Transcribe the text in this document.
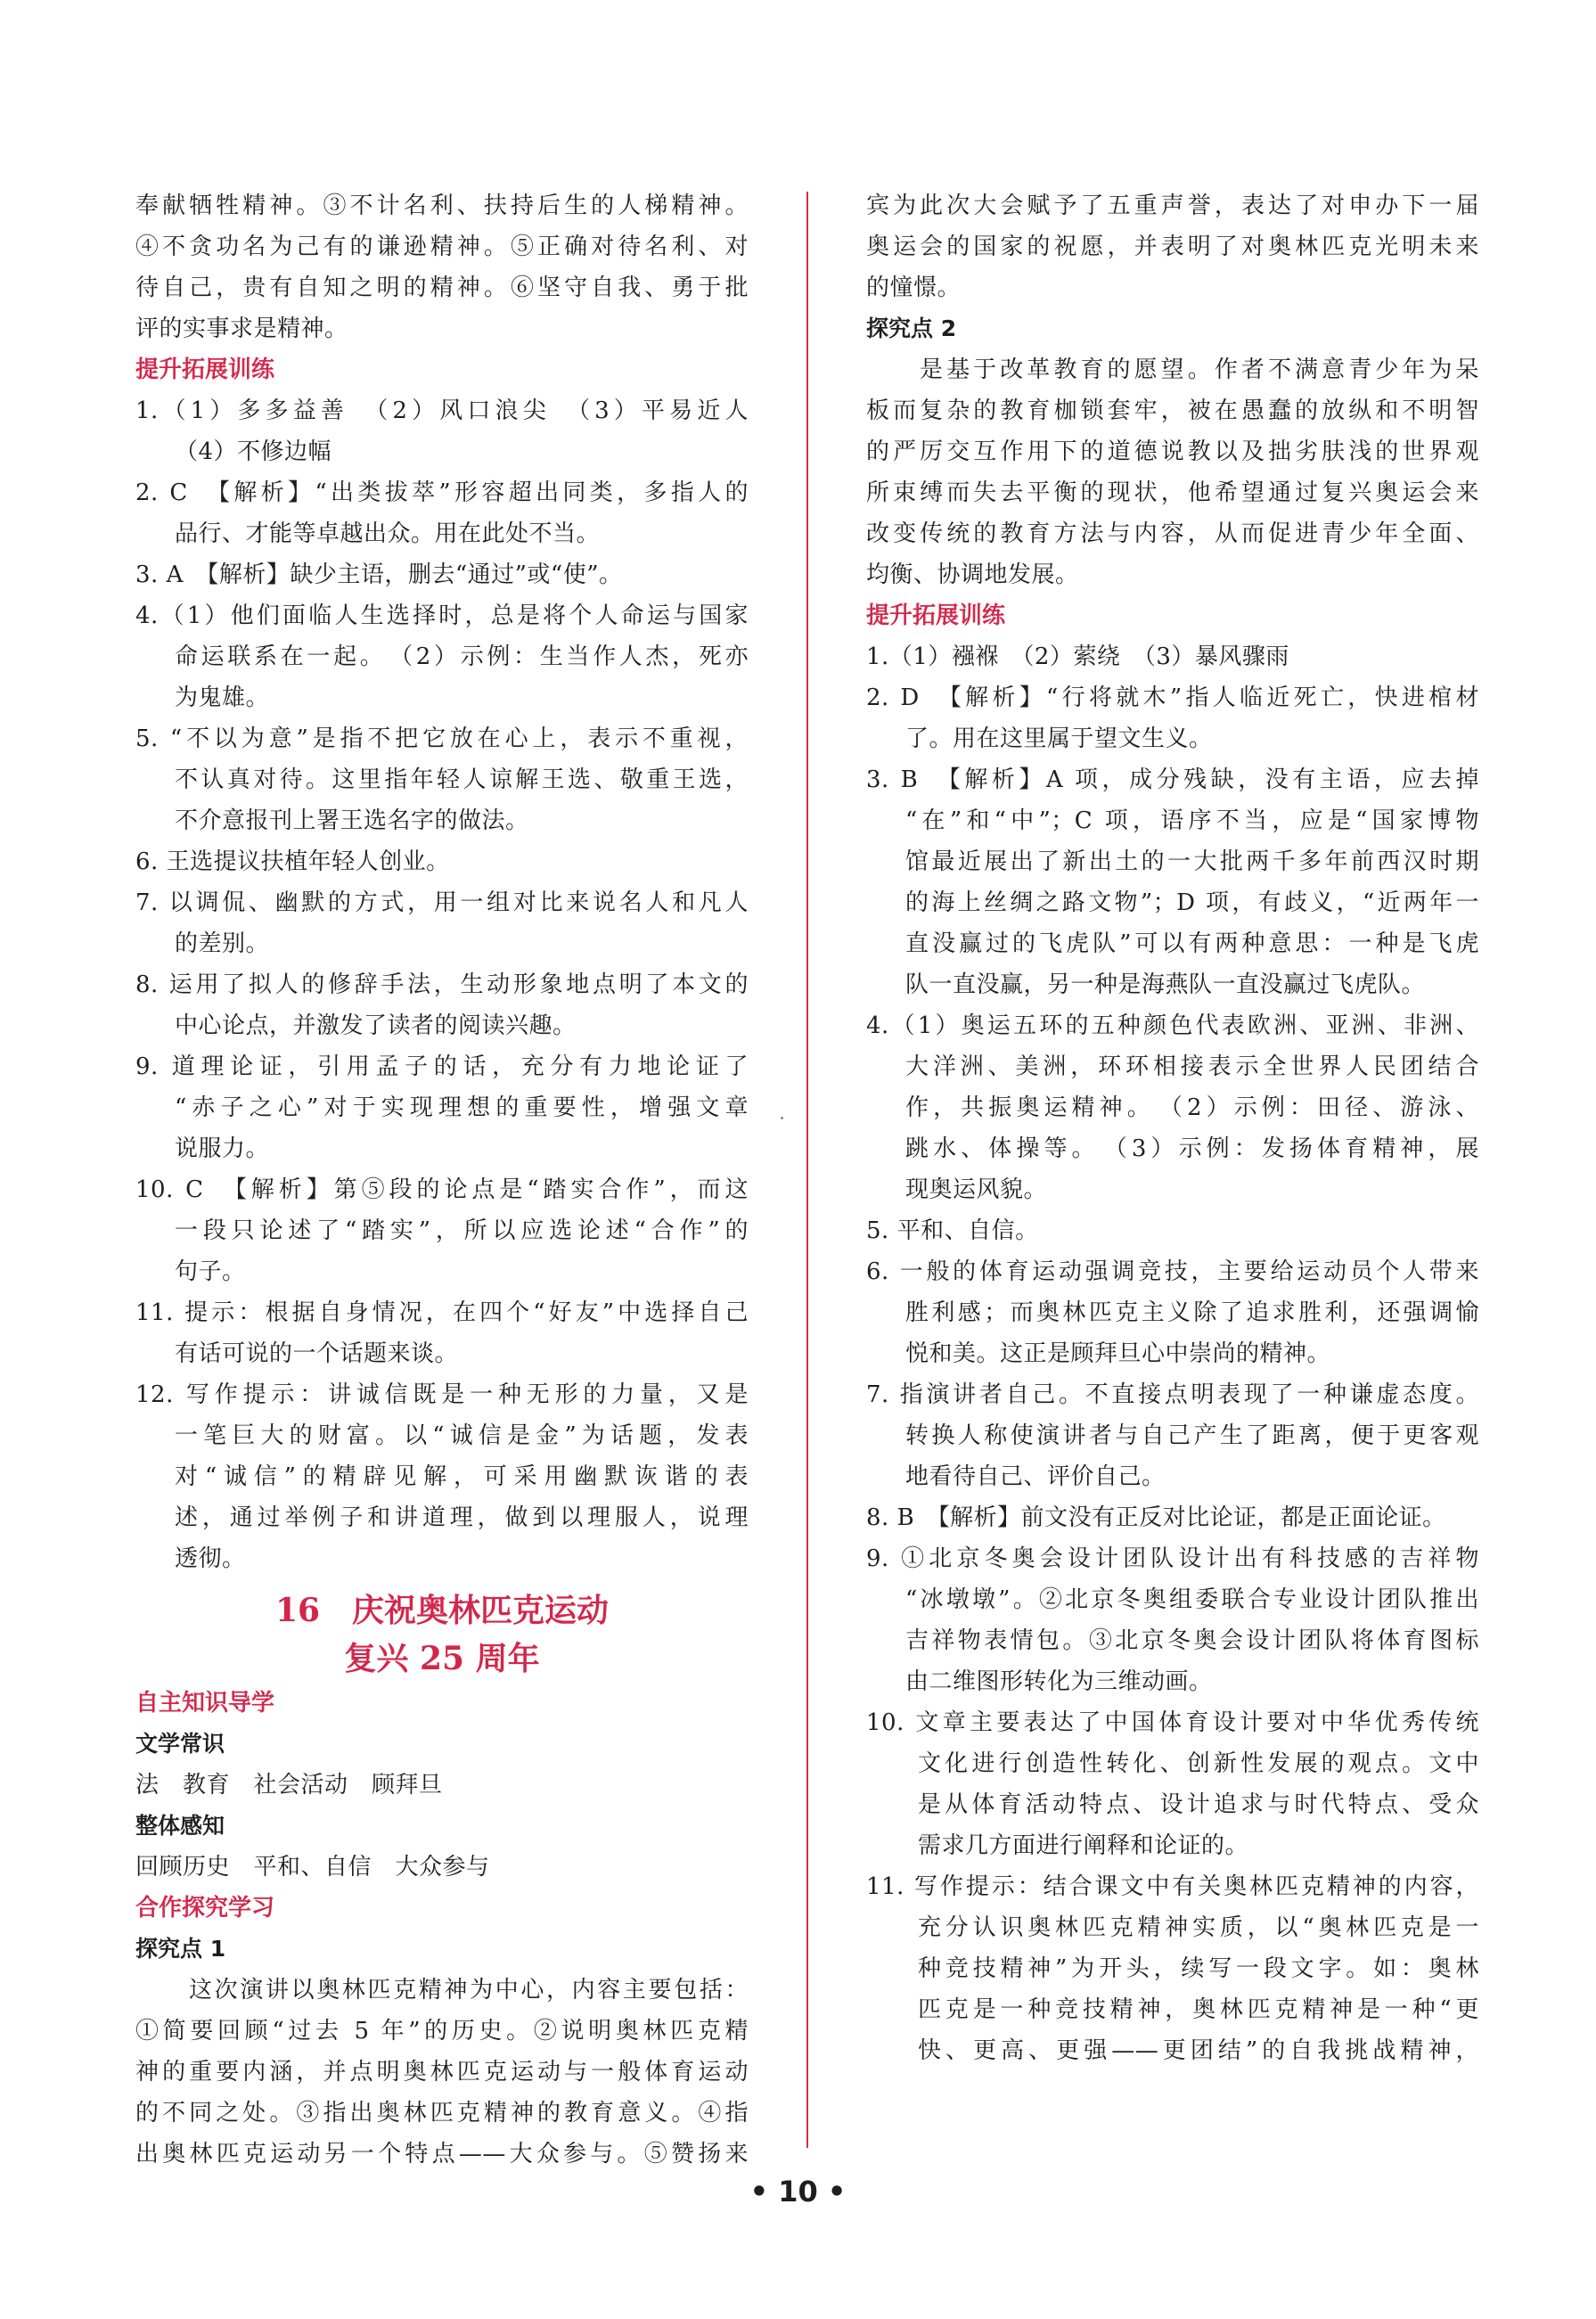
奉献牺牲精神。③不计名利、扶持后生的人梯精神。
④不贪功名为己有的谦逊精神。⑤正确对待名利、对
待自己，贵有自知之明的精神。⑥坚守自我、勇于批
评的实事求是精神。
提升拓展训练
1.（1）多多益善　（2）风口浪尖　（3）平易近人
（4）不修边幅
2. C　【解析】“出类拔萃”形容超出同类，多指人的
品行、才能等卓越出众。用在此处不当。
3. A　【解析】缺少主语，删去“通过”或“使”。
4.（1）他们面临人生选择时，总是将个人命运与国家
命运联系在一起。　（2）示例：生当作人杰，死亦
为鬼雄。
5. “不以为意”是指不把它放在心上，表示不重视，
不认真对待。这里指年轻人谅解王选、敬重王选，
不介意报刊上署王选名字的做法。
6. 王选提议扶植年轻人创业。
7. 以调侃、幽默的方式，用一组对比来说名人和凡人
的差别。
8. 运用了拟人的修辞手法，生动形象地点明了本文的
中心论点，并激发了读者的阅读兴趣。
9. 道理论证，引用孟子的话，充分有力地论证了
“赤子之心”对于实现理想的重要性，增强文章
说服力。
10. C　【解析】第⑤段的论点是“踏实合作”，而这
一段只论述了“踏实”，所以应选论述“合作”的
句子。
11. 提示：根据自身情况，在四个“好友”中选择自己
有话可说的一个话题来谈。
12. 写作提示：讲诚信既是一种无形的力量，又是
一笔巨大的财富。以“诚信是金”为话题，发表
对“诚信”的精辟见解，可采用幽默诙谐的表
述，通过举例子和讲道理，做到以理服人，说理
透彻。
16　庆祝奥林匹克运动
复兴 25 周年
自主知识导学
文学常识
法　教育　社会活动　顾拜旦
整体感知
回顾历史　平和、自信　大众参与
合作探究学习
探究点 1
这次演讲以奥林匹克精神为中心，内容主要包括：
①简要回顾“过去 5 年”的历史。②说明奥林匹克精
神的重要内涵，并点明奥林匹克运动与一般体育运动
的不同之处。③指出奥林匹克精神的教育意义。④指
出奥林匹克运动另一个特点——大众参与。⑤赞扬来
宾为此次大会赋予了五重声誉，表达了对申办下一届
奥运会的国家的祝愿，并表明了对奥林匹克光明未来
的憧憬。
探究点 2
是基于改革教育的愿望。作者不满意青少年为呆
板而复杂的教育枷锁套牢，被在愚蠢的放纵和不明智
的严厉交互作用下的道德说教以及拙劣肤浅的世界观
所束缚而失去平衡的现状，他希望通过复兴奥运会来
改变传统的教育方法与内容，从而促进青少年全面、
均衡、协调地发展。
提升拓展训练
1.（1）襁褓　（2）萦绕　（3）暴风骤雨
2. D　【解析】“行将就木”指人临近死亡，快进棺材
了。用在这里属于望文生义。
3. B　【解析】A 项，成分残缺，没有主语，应去掉
“在”和“中”；C 项，语序不当，应是“国家博物
馆最近展出了新出土的一大批两千多年前西汉时期
的海上丝绸之路文物”；D 项，有歧义，“近两年一
直没赢过的飞虎队”可以有两种意思：一种是飞虎
队一直没赢，另一种是海燕队一直没赢过飞虎队。
4.（1）奥运五环的五种颜色代表欧洲、亚洲、非洲、
大洋洲、美洲，环环相接表示全世界人民团结合
作，共振奥运精神。　（2）示例：田径、游泳、
跳水、体操等。　（3）示例：发扬体育精神，展
现奥运风貌。
5. 平和、自信。
6. 一般的体育运动强调竞技，主要给运动员个人带来
胜利感；而奥林匹克主义除了追求胜利，还强调愉
悦和美。这正是顾拜旦心中崇尚的精神。
7. 指演讲者自己。不直接点明表现了一种谦虚态度。
转换人称使演讲者与自己产生了距离，便于更客观
地看待自己、评价自己。
8. B　【解析】前文没有正反对比论证，都是正面论证。
9. ①北京冬奥会设计团队设计出有科技感的吉祥物
“冰墩墩”。②北京冬奥组委联合专业设计团队推出
吉祥物表情包。③北京冬奥会设计团队将体育图标
由二维图形转化为三维动画。
10. 文章主要表达了中国体育设计要对中华优秀传统
文化进行创造性转化、创新性发展的观点。文中
是从体育活动特点、设计追求与时代特点、受众
需求几方面进行阐释和论证的。
11. 写作提示：结合课文中有关奥林匹克精神的内容，
充分认识奥林匹克精神实质，以“奥林匹克是一
种竞技精神”为开头，续写一段文字。如：奥林
匹克是一种竞技精神，奥林匹克精神是一种“更
快、更高、更强——更团结”的自我挑战精神，
• 10 •
